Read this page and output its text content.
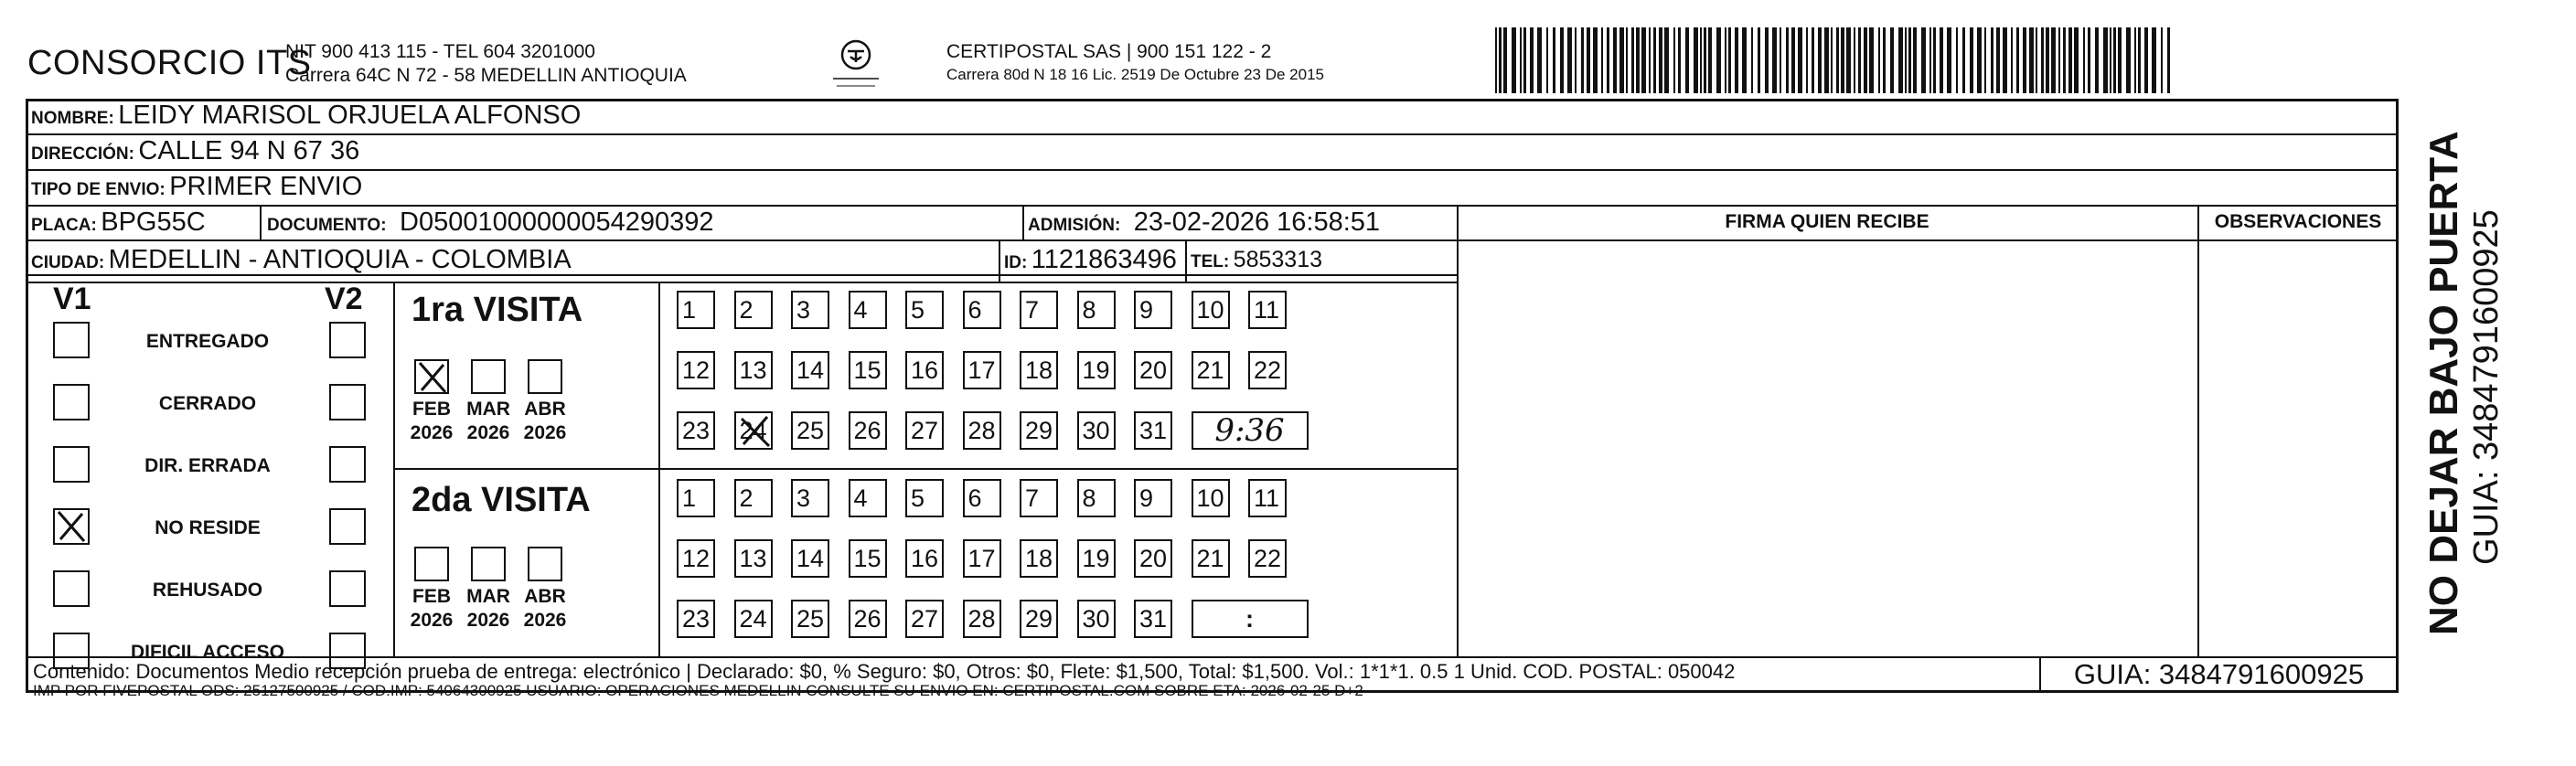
CONSORCIO ITS
NIT 900 413 115 - TEL 604 3201000
Carrera 64C N 72 - 58 MEDELLIN ANTIOQUIA
CERTIPOSTAL SAS | 900 151 122 - 2
Carrera 80d N 18 16 Lic. 2519 De Octubre 23 De 2015
NOMBRE: LEIDY MARISOL ORJUELA ALFONSO
DIRECCIÓN: CALLE 94 N 67 36
TIPO DE ENVIO: PRIMER ENVIO
PLACA: BPG55C	DOCUMENTO: D05001000000054290392	ADMISIÓN: 23-02-2026 16:58:51
CIUDAD: MEDELLIN - ANTIOQUIA - COLOMBIA	ID: 1121863496 TEL: 5853313
FIRMA QUIEN RECIBE	OBSERVACIONES
V1	V2
ENTREGADO
CERRADO
DIR. ERRADA
NO RESIDE
REHUSADO
DIFICIL ACCESO
1ra VISITA
FEB
2026
MAR
2026
ABR
2026
1	2	3	4	5	6	7	8	9	10 11
12 13 14 15 16 17 18 19 20 21 22
23 24 25 26 27 28 29 30 31	9:36
2da VISITA
FEB
2026
MAR
2026
ABR
2026
1	2	3	4	5	6	7	8	9	10 11
12 13 14 15 16 17 18 19 20 21 22
23 24 25 26 27 28 29 30 31	:
Contenido: Documentos Medio recepción prueba de entrega: electrónico | Declarado: $0, % Seguro: $0, Otros: $0, Flete: $1,500, Total: $1,500. Vol.: 1*1*1. 0.5 1 Unid. COD. POSTAL: 050042
IMP POR FIVEPOSTAL ODS: 25127500925 / COD.IMP: 54064300925 USUARIO: OPERACIONES MEDELLIN CONSULTE SU ENVIO EN: CERTIPOSTAL.COM SOBRE ETA: 2026-02-25 D+2
GUIA: 3484791600925
NO DEJAR BAJO PUERTA GUIA: 3484791600925
